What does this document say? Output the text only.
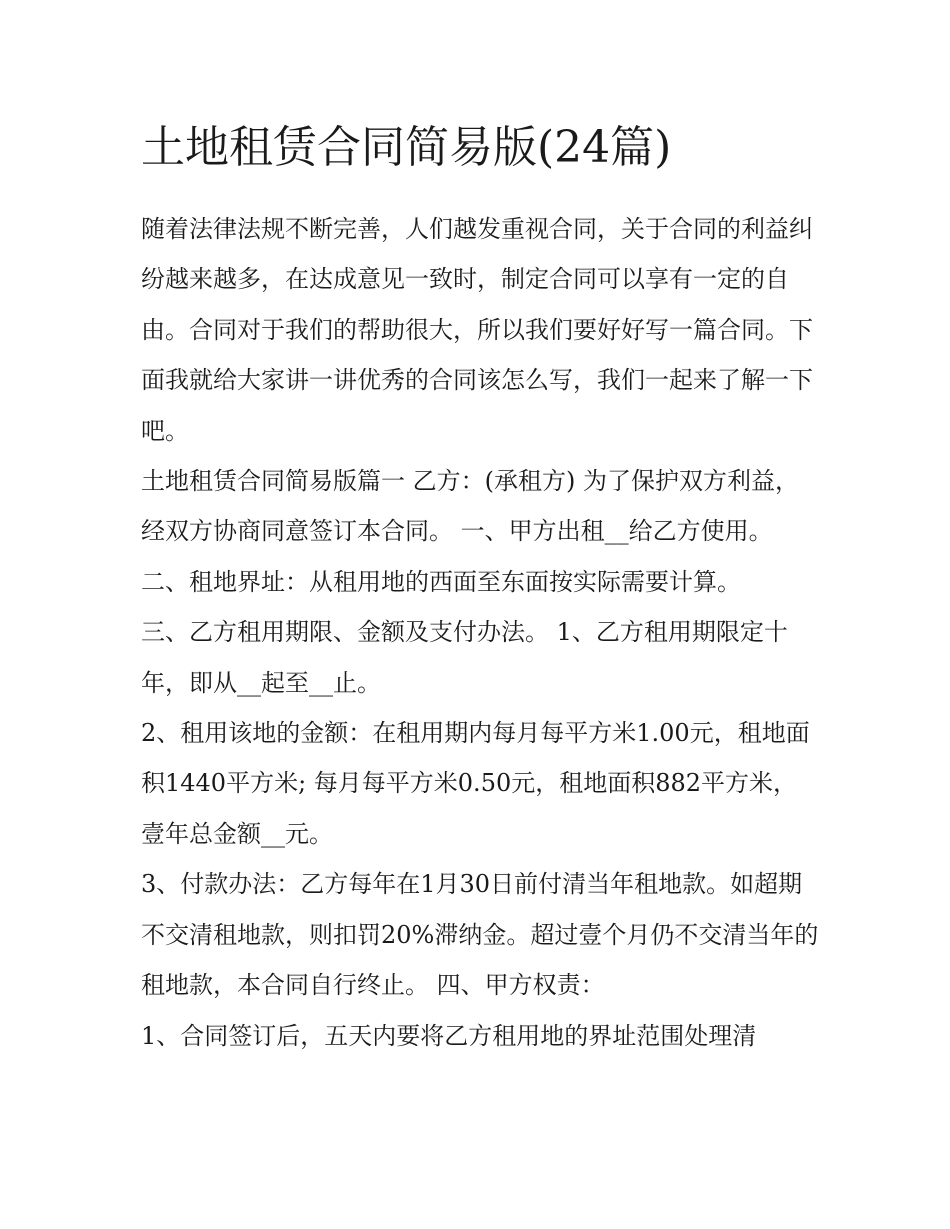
土地租赁合同简易版(24篇)

随着法律法规不断完善，人们越发重视合同，关于合同的利益纠纷越来越多，在达成意见一致时，制定合同可以享有一定的自由。合同对于我们的帮助很大，所以我们要好好写一篇合同。下面我就给大家讲一讲优秀的合同该怎么写，我们一起来了解一下吧。

土地租赁合同简易版篇一 乙方：(承租方) 为了保护双方利益，经双方协商同意签订本合同。 一、甲方出租__给乙方使用。

二、租地界址：从租用地的西面至东面按实际需要计算。

三、乙方租用期限、金额及支付办法。 1、乙方租用期限定十年，即从__起至__止。

2、租用该地的金额：在租用期内每月每平方米1.00元，租地面积1440平方米; 每月每平方米0.50元，租地面积882平方米，壹年总金额__元。

3、付款办法：乙方每年在1月30日前付清当年租地款。如超期不交清租地款，则扣罚20%滞纳金。超过壹个月仍不交清当年的租地款，本合同自行终止。 四、甲方权责：

1、合同签订后，五天内要将乙方租用地的界址范围处理清
